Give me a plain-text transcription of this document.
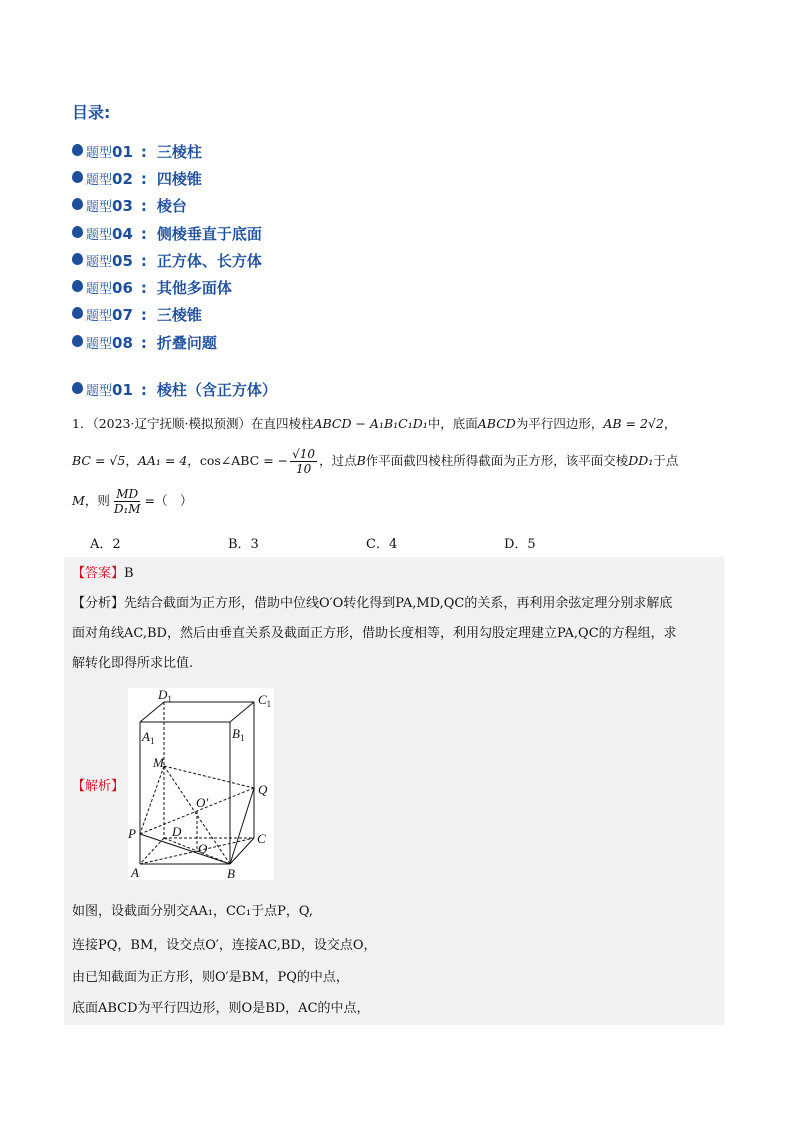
目录:
题型 01 : 三棱柱
题型 02 : 四棱锥
题型 03 : 棱台
题型 04 : 侧棱垂直于底面
题型 05 : 正方体、长方体
题型 06 : 其他多面体
题型 07 : 三棱锥
题型 08 : 折叠问题
题型 01 : 棱柱（含正方体）
1．（2023·辽宁抚顺·模拟预测）在直四棱柱ABCD − A₁B₁C₁D₁中，底面ABCD为平行四边形，AB = 2√2，
BC = √5，AA₁ = 4，cos∠ABC = − $\frac{√10}{10}$ ，过点B作平面截四棱柱所得截面为正方形，该平面交棱DD₁于点
M，则 $\frac{MD}{\text{D₁M}}$ =（　）
A．2	B．3	C．4	D．5
【答案】B
【分析】先结合截面为正方形，借助中位线O′O转化得到PA,MD,QC的关系，再利用余弦定理分别求解底
面对角线AC,BD，然后由垂直关系及截面正方形，借助长度相等，利用勾股定理建立PA,QC的方程组，求
解转化即得所求比值.
【解析】
$D_1$	$C_1$
$A_1$	$B_1$
M
O′
Q
D
P	C
O
A	B
如图，设截面分别交AA₁，CC₁于点P，Q,
连接PQ，BM，设交点O′，连接AC,BD，设交点O，
由已知截面为正方形，则O′是BM，PQ的中点，
底面ABCD为平行四边形，则O是BD，AC的中点，
